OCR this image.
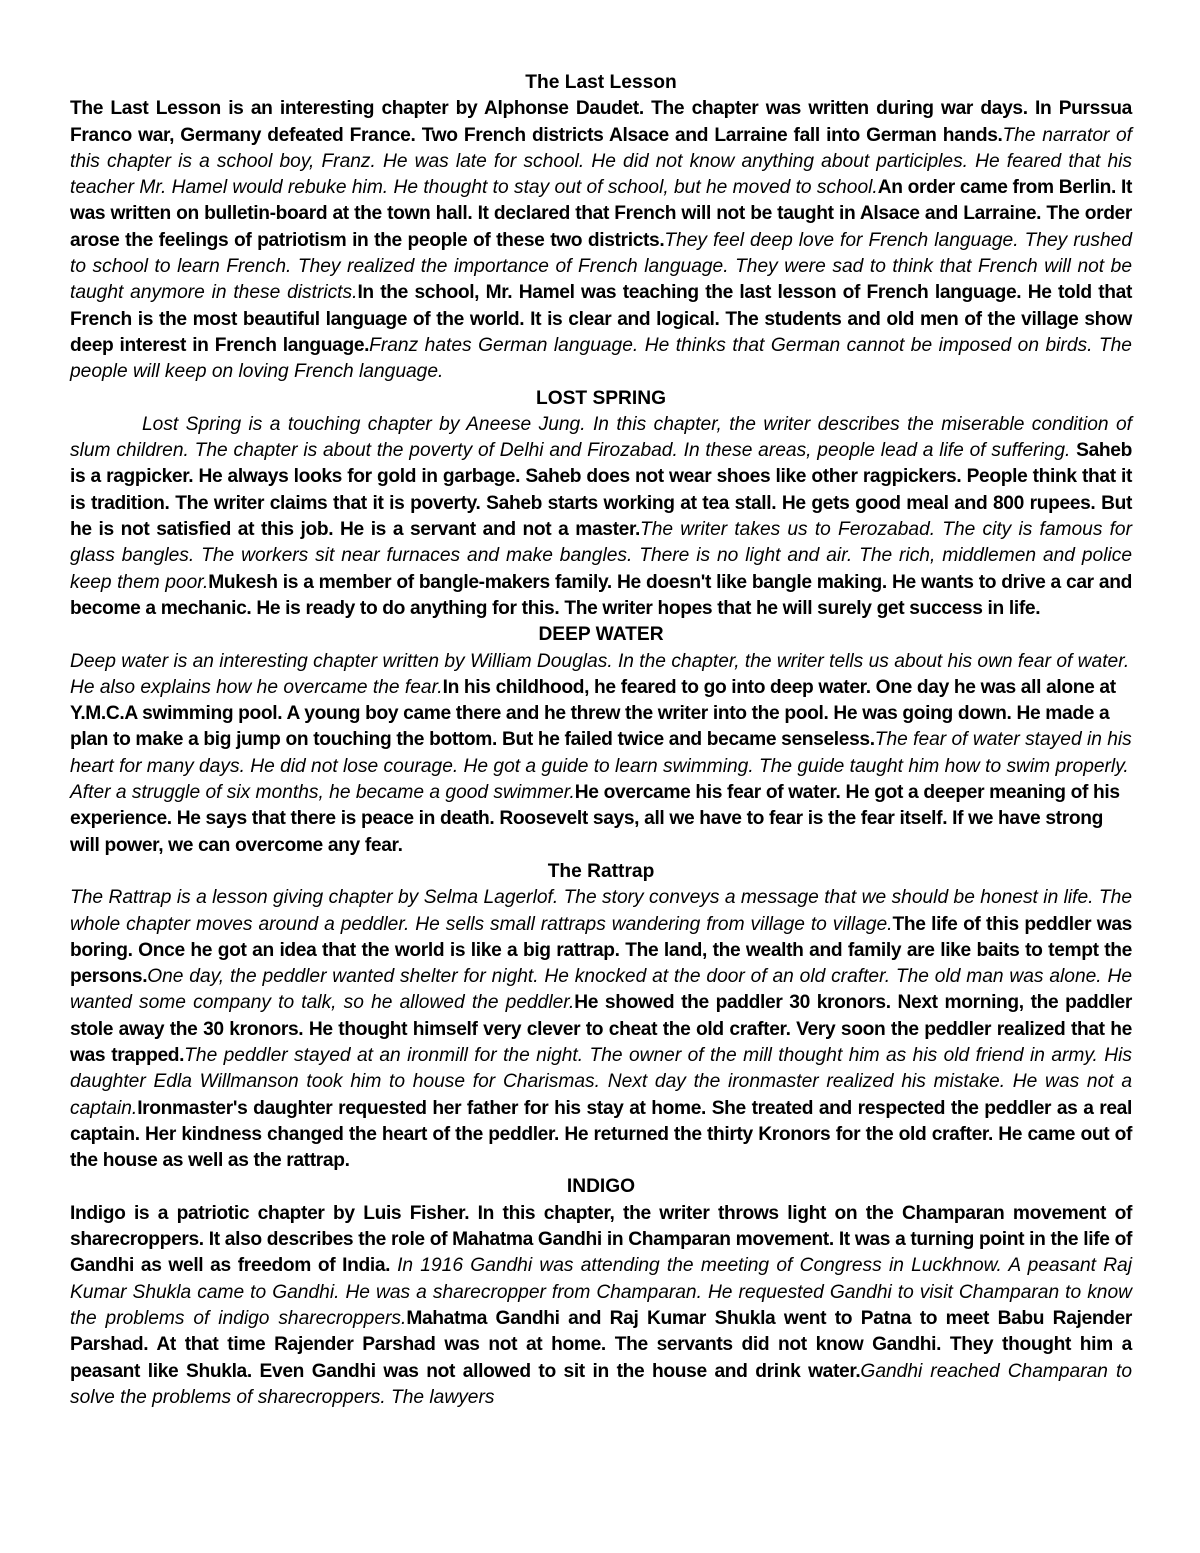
The Last Lesson

The Last Lesson is an interesting chapter by Alphonse Daudet. The chapter was written during war days. In Purssua Franco war, Germany defeated France. Two French districts Alsace and Larraine fall into German hands.The narrator of this chapter is a school boy, Franz. He was late for school. He did not know anything about participles. He feared that his teacher Mr. Hamel would rebuke him. He thought to stay out of school, but he moved to school.An order came from Berlin. It was written on bulletin-board at the town hall. It declared that French will not be taught in Alsace and Larraine. The order arose the feelings of patriotism in the people of these two districts.They feel deep love for French language. They rushed to school to learn French. They realized the importance of French language. They were sad to think that French will not be taught anymore in these districts.In the school, Mr. Hamel was teaching the last lesson of French language. He told that French is the most beautiful language of the world. It is clear and logical. The students and old men of the village show deep interest in French language.Franz hates German language. He thinks that German cannot be imposed on birds. The people will keep on loving French language.

LOST SPRING

Lost Spring is a touching chapter by Aneese Jung. In this chapter, the writer describes the miserable condition of slum children. The chapter is about the poverty of Delhi and Firozabad. In these areas, people lead a life of suffering. Saheb is a ragpicker. He always looks for gold in garbage. Saheb does not wear shoes like other ragpickers. People think that it is tradition. The writer claims that it is poverty. Saheb starts working at tea stall. He gets good meal and 800 rupees. But he is not satisfied at this job. He is a servant and not a master.The writer takes us to Ferozabad. The city is famous for glass bangles. The workers sit near furnaces and make bangles. There is no light and air. The rich, middlemen and police keep them poor.Mukesh is a member of bangle-makers family. He doesn't like bangle making. He wants to drive a car and become a mechanic. He is ready to do anything for this. The writer hopes that he will surely get success in life.

DEEP WATER

Deep water is an interesting chapter written by William Douglas. In the chapter, the writer tells us about his own fear of water. He also explains how he overcame the fear.In his childhood, he feared to go into deep water. One day he was all alone at Y.M.C.A swimming pool. A young boy came there and he threw the writer into the pool. He was going down. He made a plan to make a big jump on touching the bottom. But he failed twice and became senseless.The fear of water stayed in his heart for many days. He did not lose courage. He got a guide to learn swimming. The guide taught him how to swim properly. After a struggle of six months, he became a good swimmer.He overcame his fear of water. He got a deeper meaning of his experience. He says that there is peace in death. Roosevelt says, all we have to fear is the fear itself. If we have strong will power, we can overcome any fear.

The Rattrap

The Rattrap is a lesson giving chapter by Selma Lagerlof. The story conveys a message that we should be honest in life. The whole chapter moves around a peddler. He sells small rattraps wandering from village to village.The life of this peddler was boring. Once he got an idea that the world is like a big rattrap. The land, the wealth and family are like baits to tempt the persons.One day, the peddler wanted shelter for night. He knocked at the door of an old crafter. The old man was alone. He wanted some company to talk, so he allowed the peddler.He showed the paddler 30 kronors. Next morning, the paddler stole away the 30 kronors. He thought himself very clever to cheat the old crafter. Very soon the peddler realized that he was trapped.The peddler stayed at an ironmill for the night. The owner of the mill thought him as his old friend in army. His daughter Edla Willmanson took him to house for Charismas. Next day the ironmaster realized his mistake. He was not a captain.Ironmaster's daughter requested her father for his stay at home. She treated and respected the peddler as a real captain. Her kindness changed the heart of the peddler. He returned the thirty Kronors for the old crafter. He came out of the house as well as the rattrap.

INDIGO

Indigo is a patriotic chapter by Luis Fisher. In this chapter, the writer throws light on the Champaran movement of sharecroppers. It also describes the role of Mahatma Gandhi in Champaran movement. It was a turning point in the life of Gandhi as well as freedom of India. In 1916 Gandhi was attending the meeting of Congress in Luckhnow. A peasant Raj Kumar Shukla came to Gandhi. He was a sharecropper from Champaran. He requested Gandhi to visit Champaran to know the problems of indigo sharecroppers.Mahatma Gandhi and Raj Kumar Shukla went to Patna to meet Babu Rajender Parshad. At that time Rajender Parshad was not at home. The servants did not know Gandhi. They thought him a peasant like Shukla. Even Gandhi was not allowed to sit in the house and drink water.Gandhi reached Champaran to solve the problems of sharecroppers. The lawyers
